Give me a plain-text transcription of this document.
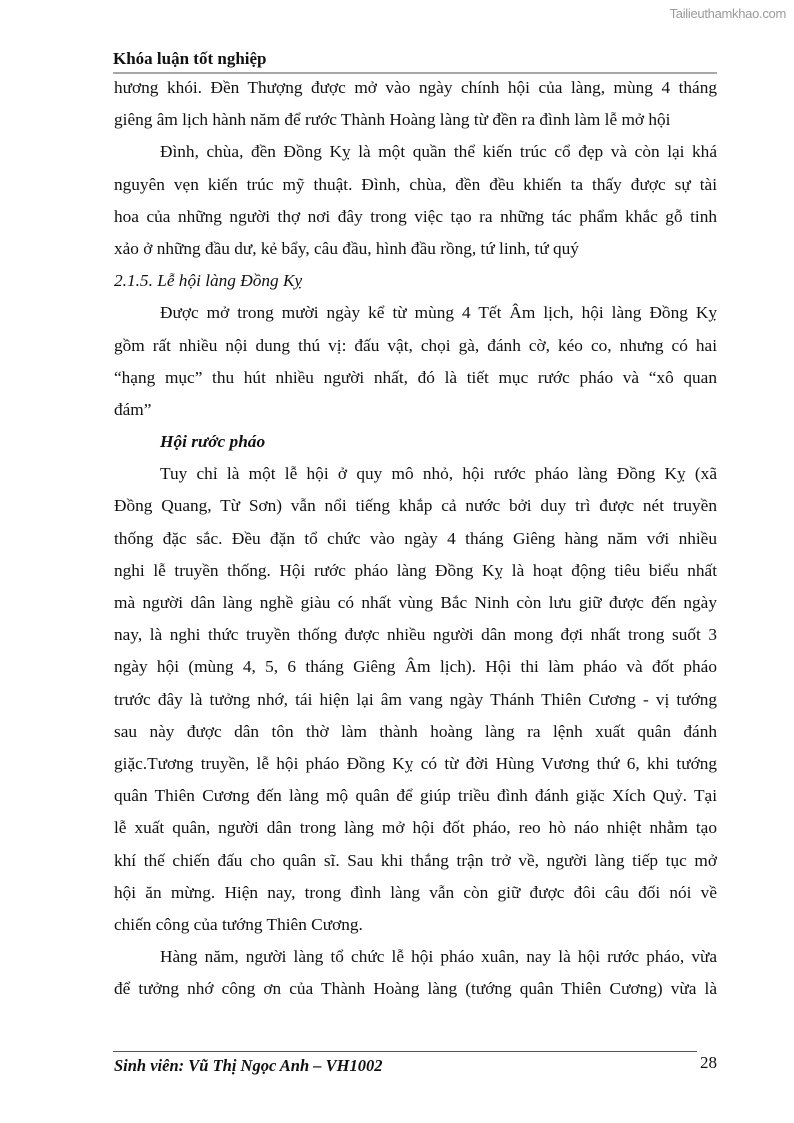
Tailieuthamkhao.com
Khóa luận tốt nghiệp
hương khói. Đền Thượng được mở vào ngày chính hội của làng, mùng 4 tháng
giêng âm lịch hành năm để rước Thành Hoàng làng từ đền ra đình làm lễ mở hội
Đình, chùa, đền Đồng Kỵ là một quần thể kiến trúc cổ đẹp và còn lại khá
nguyên vẹn kiến trúc mỹ thuật. Đình, chùa, đền đều khiến ta thấy được sự tài
hoa của những người thợ nơi đây trong việc tạo ra những tác phẩm khắc gỗ tinh
xảo ở những đầu dư, kẻ bẩy, câu đầu, hình đầu rồng, tứ linh, tứ quý
2.1.5. Lễ hội làng Đồng Kỵ
Được mở trong mười ngày kể từ mùng 4 Tết Âm lịch, hội làng Đồng Kỵ
gồm rất nhiều nội dung thú vị: đấu vật, chọi gà, đánh cờ, kéo co, nhưng có hai
“hạng mục” thu hút nhiều người nhất, đó là tiết mục rước pháo và “xô quan
đám”
Hội rước pháo
Tuy chỉ là một lễ hội ở quy mô nhỏ, hội rước pháo làng Đồng Kỵ (xã
Đồng Quang, Từ Sơn) vẫn nổi tiếng khắp cả nước bởi duy trì được nét truyền
thống đặc sắc. Đều đặn tổ chức vào ngày 4 tháng Giêng hàng năm với nhiều
nghi lễ truyền thống. Hội rước pháo làng Đồng Kỵ là hoạt động tiêu biểu nhất
mà người dân làng nghề giàu có nhất vùng Bắc Ninh còn lưu giữ được đến ngày
nay, là nghi thức truyền thống được nhiều người dân mong đợi nhất trong suốt 3
ngày hội (mùng 4, 5, 6 tháng Giêng Âm lịch). Hội thi làm pháo và đốt pháo
trước đây là tưởng nhớ, tái hiện lại âm vang ngày Thánh Thiên Cương - vị tướng
sau này được dân tôn thờ làm thành hoàng làng ra lệnh xuất quân đánh
giặc.Tương truyền, lễ hội pháo Đồng Kỵ có từ đời Hùng Vương thứ 6, khi tướng
quân Thiên Cương đến làng mộ quân để giúp triều đình đánh giặc Xích Quỷ. Tại
lễ xuất quân, người dân trong làng mở hội đốt pháo, reo hò náo nhiệt nhằm tạo
khí thế chiến đấu cho quân sĩ. Sau khi thắng trận trở về, người làng tiếp tục mở
hội ăn mừng. Hiện nay, trong đình làng vẫn còn giữ được đôi câu đối nói về
chiến công của tướng Thiên Cương.
Hàng năm, người làng tổ chức lễ hội pháo xuân, nay là hội rước pháo, vừa
để tưởng nhớ công ơn của Thành Hoàng làng (tướng quân Thiên Cương) vừa là
Sinh viên: Vũ Thị Ngọc Anh – VH1002	28
